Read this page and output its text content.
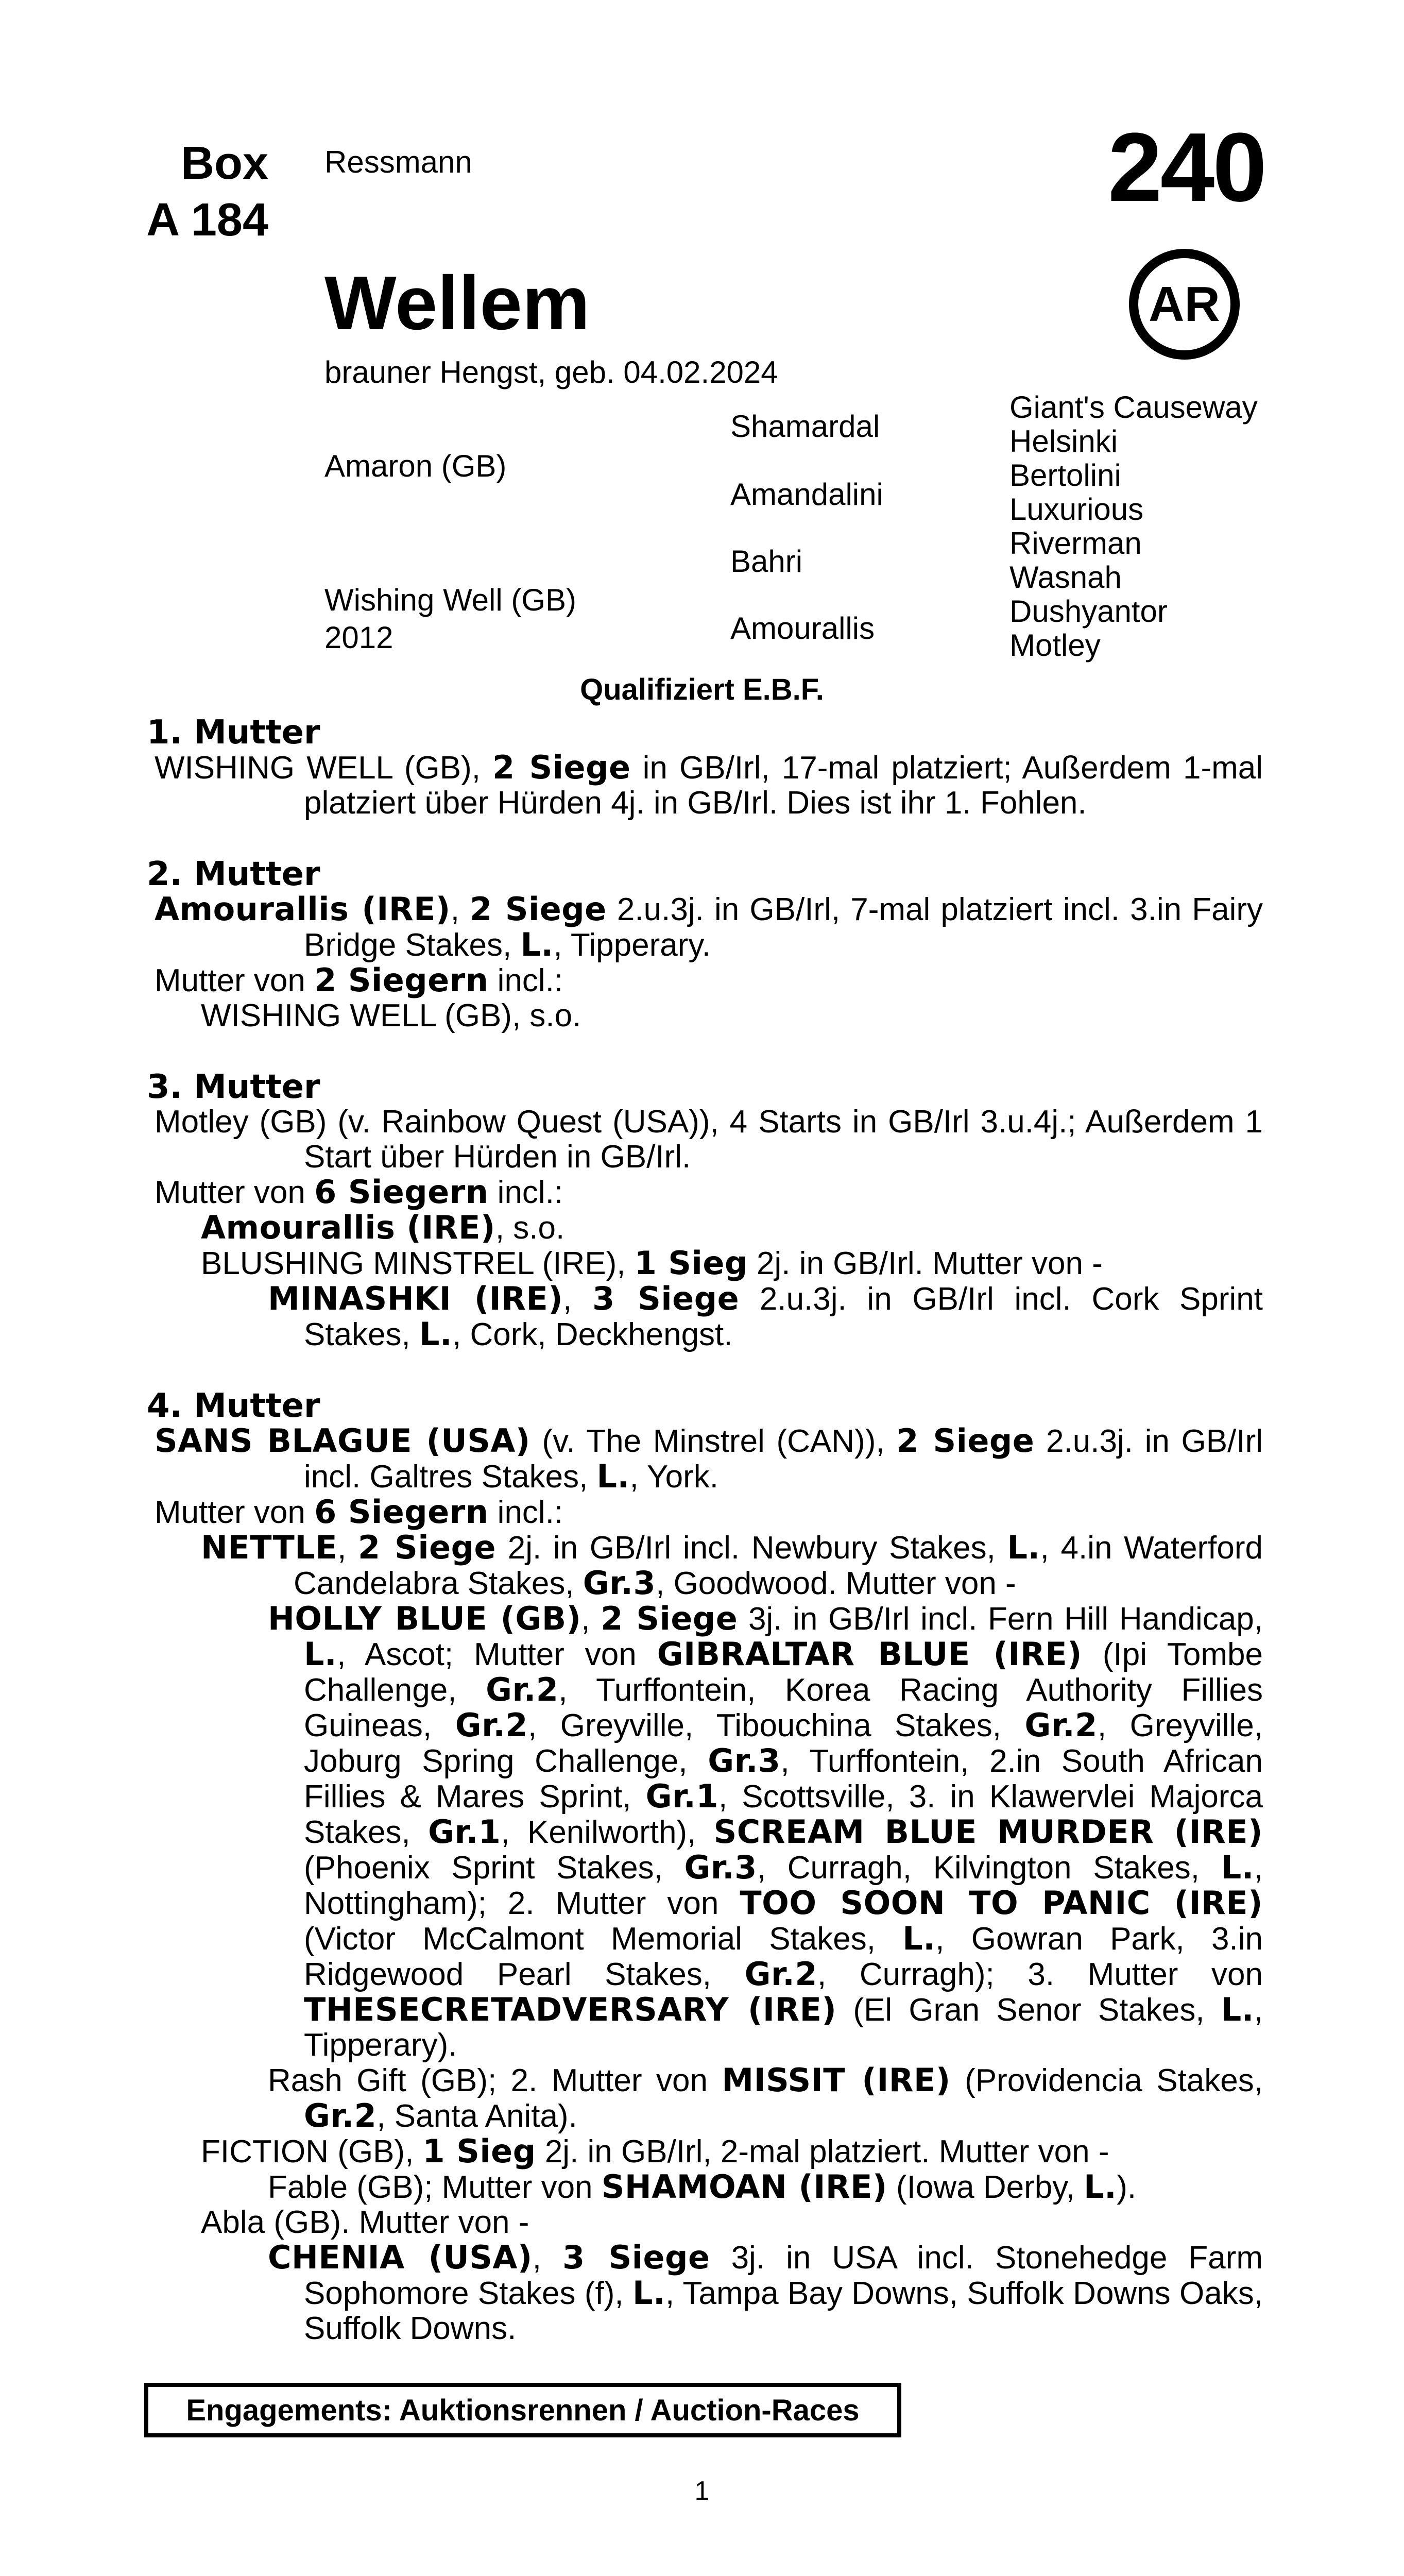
Box
A 184
Ressmann	240
AR
Wellem
brauner Hengst, geb. 04.02.2024
Amaron (GB)
Wishing Well (GB)
2012
Shamardal
Amandalini
Bahri
Amourallis
Giant's Causeway
Helsinki
Bertolini
Luxurious
Riverman
Wasnah
Dushyantor
Motley
Qualifiziert E.B.F.
1. Mutter
WISHING WELL (GB), 2 Siege in GB/Irl, 17-mal platziert; Außerdem 1-mal platziert über Hürden 4j. in GB/Irl. Dies ist ihr 1. Fohlen.
2. Mutter
Amourallis (IRE), 2 Siege 2.u.3j. in GB/Irl, 7-mal platziert incl. 3.in Fairy Bridge Stakes, L., Tipperary.
Mutter von 2 Siegern incl.:
WISHING WELL (GB), s.o.
3. Mutter
Motley (GB) (v. Rainbow Quest (USA)), 4 Starts in GB/Irl 3.u.4j.; Außerdem 1 Start über Hürden in GB/Irl.
Mutter von 6 Siegern incl.:
Amourallis (IRE), s.o.
BLUSHING MINSTREL (IRE), 1 Sieg 2j. in GB/Irl. Mutter von -
MINASHKI (IRE), 3 Siege 2.u.3j. in GB/Irl incl. Cork Sprint Stakes, L., Cork, Deckhengst.
4. Mutter
SANS BLAGUE (USA) (v. The Minstrel (CAN)), 2 Siege 2.u.3j. in GB/Irl incl. Galtres Stakes, L., York.
Mutter von 6 Siegern incl.:
NETTLE, 2 Siege 2j. in GB/Irl incl. Newbury Stakes, L., 4.in Waterford Candelabra Stakes, Gr.3, Goodwood. Mutter von -
HOLLY BLUE (GB), 2 Siege 3j. in GB/Irl incl. Fern Hill Handicap, L., Ascot; Mutter von GIBRALTAR BLUE (IRE) (Ipi Tombe Challenge, Gr.2, Turffontein, Korea Racing Authority Fillies Guineas, Gr.2, Greyville, Tibouchina Stakes, Gr.2, Greyville, Joburg Spring Challenge, Gr.3, Turffontein, 2.in South African Fillies & Mares Sprint, Gr.1, Scottsville, 3. in Klawervlei Majorca Stakes, Gr.1, Kenilworth), SCREAM BLUE MURDER (IRE) (Phoenix Sprint Stakes, Gr.3, Curragh, Kilvington Stakes, L., Nottingham); 2. Mutter von TOO SOON TO PANIC (IRE) (Victor McCalmont Memorial Stakes, L., Gowran Park, 3.in Ridgewood Pearl Stakes, Gr.2, Curragh); 3. Mutter von THESECRETADVERSARY (IRE) (El Gran Senor Stakes, L., Tipperary).
Rash Gift (GB); 2. Mutter von MISSIT (IRE) (Providencia Stakes, Gr.2, Santa Anita).
FICTION (GB), 1 Sieg 2j. in GB/Irl, 2-mal platziert. Mutter von -
Fable (GB); Mutter von SHAMOAN (IRE) (Iowa Derby, L.).
Abla (GB). Mutter von -
CHENIA (USA), 3 Siege 3j. in USA incl. Stonehedge Farm Sophomore Stakes (f), L., Tampa Bay Downs, Suffolk Downs Oaks, Suffolk Downs.
Engagements: Auktionsrennen / Auction-Races
1
